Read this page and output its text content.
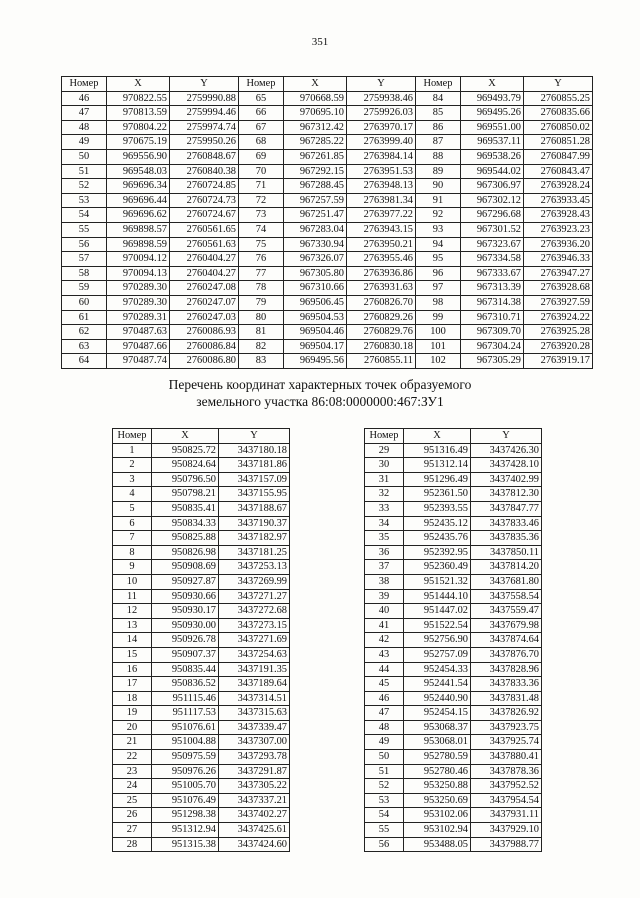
351
Номер	X	Y	Номер	X	Y	Номер	X	Y
46	970822.55	2759990.88	65	970668.59	2759938.46	84	969493.79	2760855.25
47	970813.59	2759994.46	66	970695.10	2759926.03	85	969495.26	2760835.66
48	970804.22	2759974.74	67	967312.42	2763970.17	86	969551.00	2760850.02
49	970675.19	2759950.26	68	967285.22	2763999.40	87	969537.11	2760851.28
50	969556.90	2760848.67	69	967261.85	2763984.14	88	969538.26	2760847.99
51	969548.03	2760840.38	70	967292.15	2763951.53	89	969544.02	2760843.47
52	969696.34	2760724.85	71	967288.45	2763948.13	90	967306.97	2763928.24
53	969696.44	2760724.73	72	967257.59	2763981.34	91	967302.12	2763933.45
54	969696.62	2760724.67	73	967251.47	2763977.22	92	967296.68	2763928.43
55	969898.57	2760561.65	74	967283.04	2763943.15	93	967301.52	2763923.23
56	969898.59	2760561.63	75	967330.94	2763950.21	94	967323.67	2763936.20
57	970094.12	2760404.27	76	967326.07	2763955.46	95	967334.58	2763946.33
58	970094.13	2760404.27	77	967305.80	2763936.86	96	967333.67	2763947.27
59	970289.30	2760247.08	78	967310.66	2763931.63	97	967313.39	2763928.68
60	970289.30	2760247.07	79	969506.45	2760826.70	98	967314.38	2763927.59
61	970289.31	2760247.03	80	969504.53	2760829.26	99	967310.71	2763924.22
62	970487.63	2760086.93	81	969504.46	2760829.76	100	967309.70	2763925.28
63	970487.66	2760086.84	82	969504.17	2760830.18	101	967304.24	2763920.28
64	970487.74	2760086.80	83	969495.56	2760855.11	102	967305.29	2763919.17
Перечень координат характерных точек образуемого
земельного участка 86:08:0000000:467:ЗУ1
Номер	X	Y
1	950825.72	3437180.18
2	950824.64	3437181.86
3	950796.50	3437157.09
4	950798.21	3437155.95
5	950835.41	3437188.67
6	950834.33	3437190.37
7	950825.88	3437182.97
8	950826.98	3437181.25
9	950908.69	3437253.13
10	950927.87	3437269.99
11	950930.66	3437271.27
12	950930.17	3437272.68
13	950930.00	3437273.15
14	950926.78	3437271.69
15	950907.37	3437254.63
16	950835.44	3437191.35
17	950836.52	3437189.64
18	951115.46	3437314.51
19	951117.53	3437315.63
20	951076.61	3437339.47
21	951004.88	3437307.00
22	950975.59	3437293.78
23	950976.26	3437291.87
24	951005.70	3437305.22
25	951076.49	3437337.21
26	951298.38	3437402.27
27	951312.94	3437425.61
28	951315.38	3437424.60
Номер	X	Y
29	951316.49	3437426.30
30	951312.14	3437428.10
31	951296.49	3437402.99
32	952361.50	3437812.30
33	952393.55	3437847.77
34	952435.12	3437833.46
35	952435.76	3437835.36
36	952392.95	3437850.11
37	952360.49	3437814.20
38	951521.32	3437681.80
39	951444.10	3437558.54
40	951447.02	3437559.47
41	951522.54	3437679.98
42	952756.90	3437874.64
43	952757.09	3437876.70
44	952454.33	3437828.96
45	952441.54	3437833.36
46	952440.90	3437831.48
47	952454.15	3437826.92
48	953068.37	3437923.75
49	953068.01	3437925.74
50	952780.59	3437880.41
51	952780.46	3437878.36
52	953250.88	3437952.52
53	953250.69	3437954.54
54	953102.06	3437931.11
55	953102.94	3437929.10
56	953488.05	3437988.77
